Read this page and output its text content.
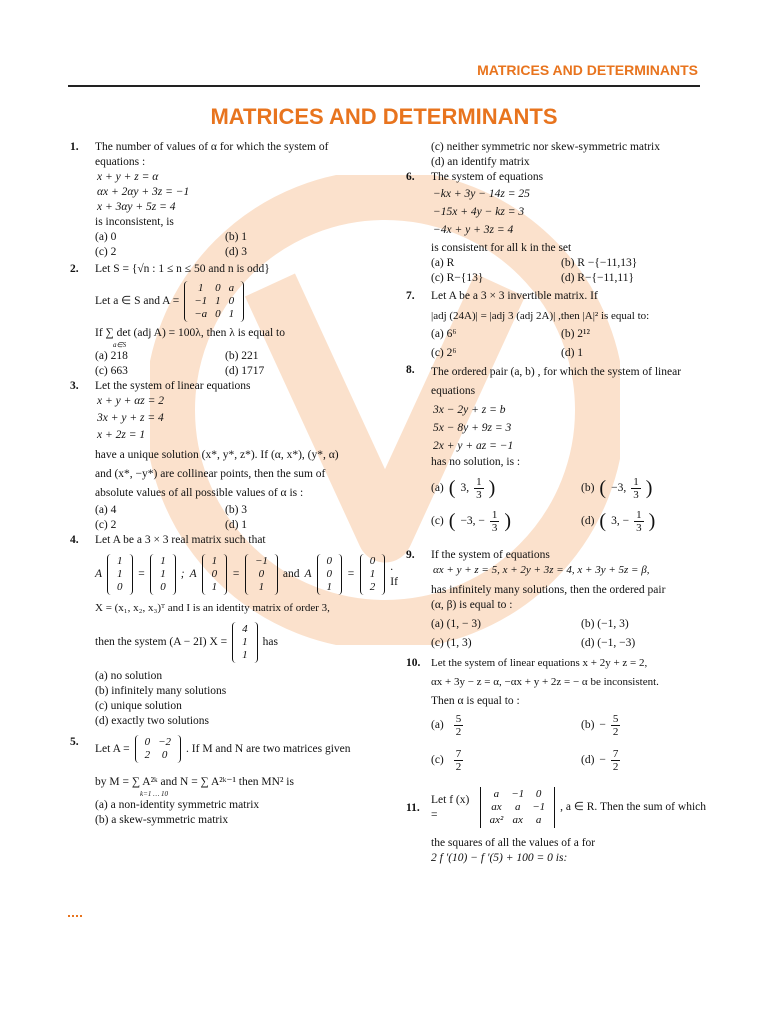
MATRICES AND DETERMINANTS
MATRICES AND DETERMINANTS
1. The number of values of α for which the system of equations :
x + y + z = α
αx + 2αy + 3z = −1
x + 3αy + 5z = 4
is inconsistent, is
(a) 0	(b) 1
(c) 2	(d) 3
2. Let S = {√n : 1 ≤ n ≤ 50 and n is odd}
Let a ∈ S and A =
1	0	a
−1	1	0
−a	0	1
If ∑ det (adj A) = 100λ, then λ is equal to
a∈S
(a) 218	(b) 221
(c) 663	(d) 1717
3. Let the system of linear equations
x + y + αz = 2
3x + y + z = 4
x + 2z = 1
have a unique solution (x*, y*, z*). If (α, x*), (y*, α)
and (x*, −y*) are collinear points, then the sum of
absolute values of all possible values of α is :
(a) 4	(b) 3
(c) 2	(d) 1
4. Let A be a 3 × 3 real matrix such that
A
1
1
0
=
1
1
0
; A
1
0
1
=
−1
0
1
and A
0
0
1
=
0
1
2
. If
X = (x₁, x₂, x₃)ᵀ and I is an identity matrix of order 3,
then the system (A − 2I) X =
4
1
1
has
(a) no solution
(b) infinitely many solutions
(c) unique solution
(d) exactly two solutions
5.
Let A =
0	−2
2	0
. If M and N are two matrices given
by M = ∑ A²ᵏ and N = ∑ A²ᵏ⁻¹ then MN² is
k=1 … 10
(a) a non-identity symmetric matrix
(b) a skew-symmetric matrix
(c) neither symmetric nor skew-symmetric matrix
(d) an identify matrix
6. The system of equations
−kx + 3y − 14z = 25
−15x + 4y − kz = 3
−4x + y + 3z = 4
is consistent for all k in the set
(a) R	(b) R −{−11,13}
(c) R−{13}	(d) R−{−11,11}
7. Let A be a 3 × 3 invertible matrix. If
|adj (24A)| = |adj 3 (adj 2A)| ,then |A|² is equal to:
(a) 6⁶	(b) 2¹²
(c) 2⁶	(d) 1
8. The ordered pair (a, b) , for which the system of linear equations
3x − 2y + z = b
5x − 8y + 9z = 3
2x + y + az = −1
has no solution, is :
(a) ( 3, $\frac{1}{3}$ )	(b) ( −3, $\frac{1}{3}$ )
(c) ( −3, − $\frac{1}{3}$ )	(d) ( 3, − $\frac{1}{3}$ )
9. If the system of equations
αx + y + z = 5, x + 2y + 3z = 4, x + 3y + 5z = β,
has infinitely many solutions, then the ordered pair
(α, β) is equal to :
(a) (1, − 3)	(b) (−1, 3)
(c) (1, 3)	(d) (−1, −3)
10. Let the system of linear equations x + 2y + z = 2,
αx + 3y − z = α, −αx + y + 2z = − α be inconsistent.
Then α is equal to :
$(a) \frac{5}{2}$	$(b) - \frac{5}{2}$
$(c) \frac{7}{2}$	$(d) - \frac{7}{2}$
11.
Let f (x) =
a	−1	0
ax	a	−1
ax²	ax	a
, a ∈ R. Then the sum of which
the squares of all the values of a for
2 f ′(10) − f ′(5) + 100 = 0 is:
